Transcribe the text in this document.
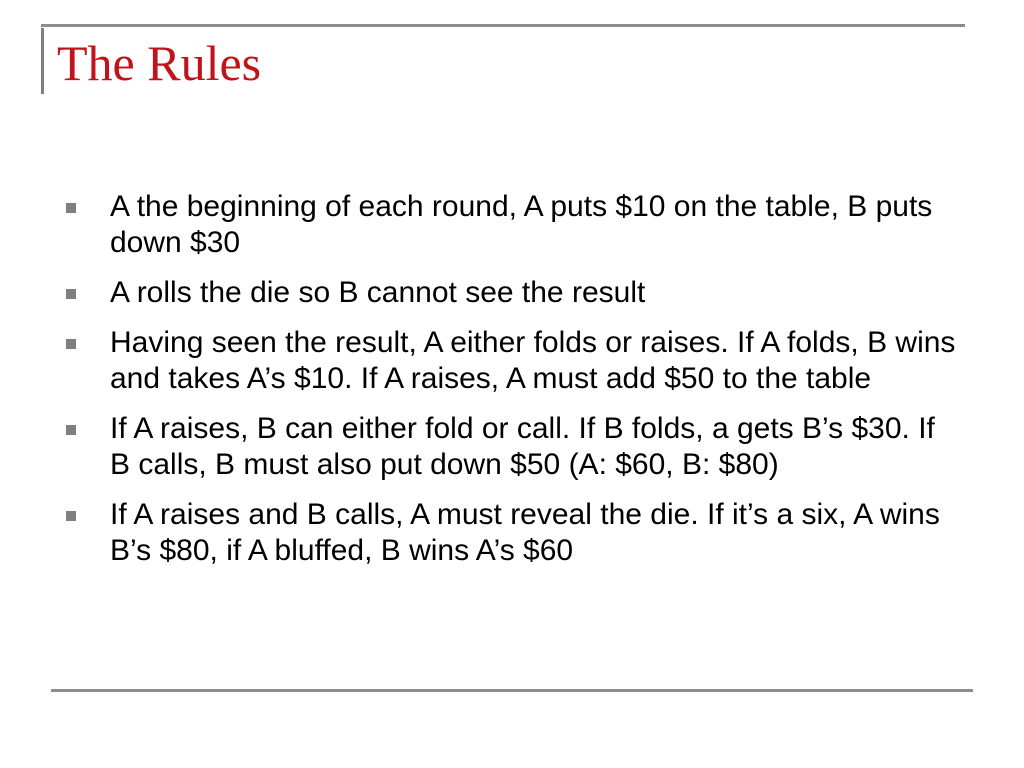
The Rules
A the beginning of each round, A puts $10 on the table, B puts down $30
A rolls the die so B cannot see the result
Having seen the result, A either folds or raises. If A folds, B wins and takes A’s $10. If A raises, A must add $50 to the table
If A raises, B can either fold or call. If B folds, a gets B’s $30. If B calls, B must also put down $50 (A: $60, B: $80)
If A raises and B calls, A must reveal the die. If it’s a six, A wins B’s $80, if A bluffed, B wins A’s $60
